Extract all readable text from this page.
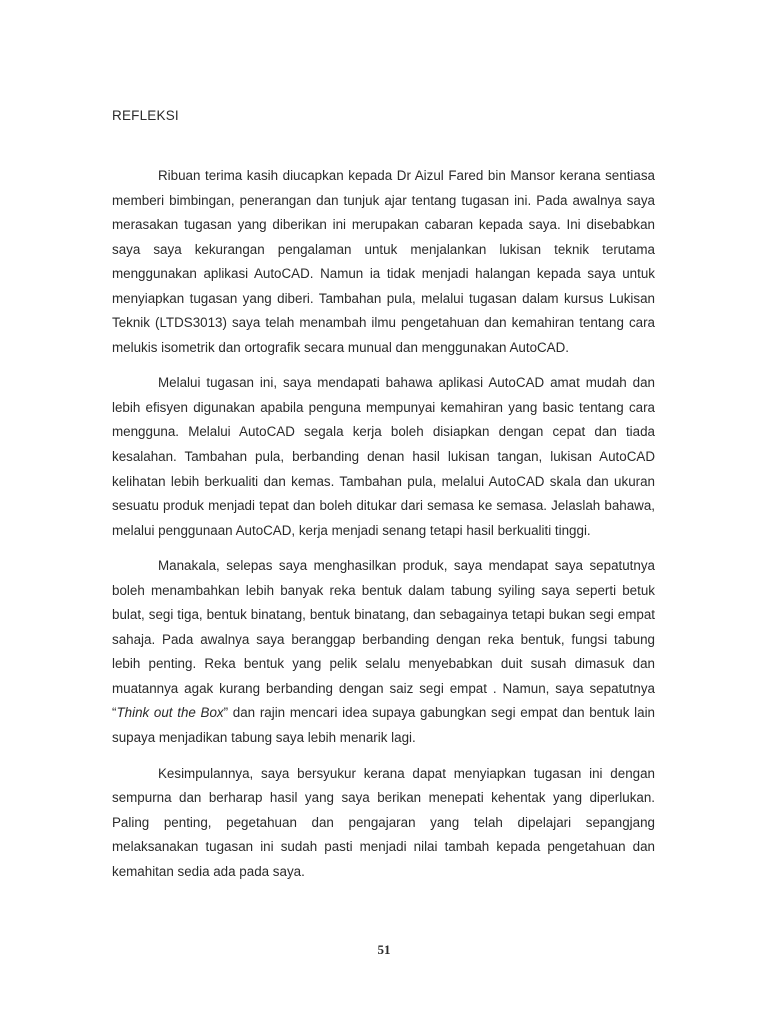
REFLEKSI

Ribuan terima kasih diucapkan kepada Dr Aizul Fared bin Mansor kerana sentiasa memberi bimbingan, penerangan dan tunjuk ajar tentang tugasan ini. Pada awalnya saya merasakan tugasan yang diberikan ini merupakan cabaran kepada saya. Ini disebabkan saya saya kekurangan pengalaman untuk menjalankan lukisan teknik terutama menggunakan aplikasi AutoCAD. Namun ia tidak menjadi halangan kepada saya untuk menyiapkan tugasan yang diberi. Tambahan pula, melalui tugasan dalam kursus Lukisan Teknik (LTDS3013) saya telah menambah ilmu pengetahuan dan kemahiran tentang cara melukis isometrik dan ortografik secara munual dan menggunakan AutoCAD.

Melalui tugasan ini, saya mendapati bahawa aplikasi AutoCAD amat mudah dan lebih efisyen digunakan apabila penguna mempunyai kemahiran yang basic tentang cara mengguna. Melalui AutoCAD segala kerja boleh disiapkan dengan cepat dan tiada kesalahan. Tambahan pula, berbanding denan hasil lukisan tangan, lukisan AutoCAD kelihatan lebih berkualiti dan kemas. Tambahan pula, melalui AutoCAD skala dan ukuran sesuatu produk menjadi tepat dan boleh ditukar dari semasa ke semasa. Jelaslah bahawa, melalui penggunaan AutoCAD, kerja menjadi senang tetapi hasil berkualiti tinggi.

Manakala, selepas saya menghasilkan produk, saya mendapat saya sepatutnya boleh menambahkan lebih banyak reka bentuk dalam tabung syiling saya seperti betuk bulat, segi tiga, bentuk binatang, bentuk binatang, dan sebagainya tetapi bukan segi empat sahaja. Pada awalnya saya beranggap berbanding dengan reka bentuk, fungsi tabung lebih penting. Reka bentuk yang pelik selalu menyebabkan duit susah dimasuk dan muatannya agak kurang berbanding dengan saiz segi empat . Namun, saya sepatutnya “Think out the Box” dan rajin mencari idea supaya gabungkan segi empat dan bentuk lain supaya menjadikan tabung saya lebih menarik lagi.

Kesimpulannya, saya bersyukur kerana dapat menyiapkan tugasan ini dengan sempurna dan berharap hasil yang saya berikan menepati kehentak yang diperlukan. Paling penting, pegetahuan dan pengajaran yang telah dipelajari sepangjang melaksanakan tugasan ini sudah pasti menjadi nilai tambah kepada pengetahuan dan kemahitan sedia ada pada saya.

51
